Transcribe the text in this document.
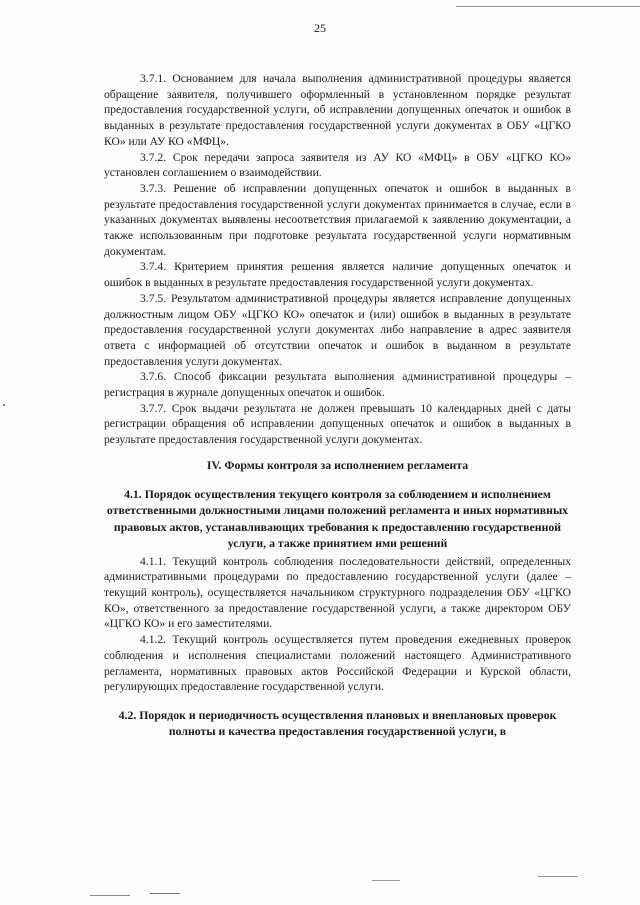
25

3.7.1. Основанием для начала выполнения административной процедуры является обращение заявителя, получившего оформленный в установленном порядке результат предоставления государственной услуги, об исправлении допущенных опечаток и ошибок в выданных в результате предоставления государственной услуги документах в ОБУ «ЦГКО КО» или АУ КО «МФЦ».

3.7.2. Срок передачи запроса заявителя из АУ КО «МФЦ» в ОБУ «ЦГКО КО» установлен соглашением о взаимодействии.

3.7.3. Решение об исправлении допущенных опечаток и ошибок в выданных в результате предоставления государственной услуги документах принимается в случае, если в указанных документах выявлены несоответствия прилагаемой к заявлению документации, а также использованным при подготовке результата государственной услуги нормативным документам.

3.7.4. Критерием принятия решения является наличие допущенных опечаток и ошибок в выданных в результате предоставления государственной услуги документах.

3.7.5. Результатом административной процедуры является исправление допущенных должностным лицом ОБУ «ЦГКО КО» опечаток и (или) ошибок в выданных в результате предоставления государственной услуги документах либо направление в адрес заявителя ответа с информацией об отсутствии опечаток и ошибок в выданном в результате предоставления услуги документах.

3.7.6. Способ фиксации результата выполнения административной процедуры – регистрация в журнале допущенных опечаток и ошибок.

3.7.7. Срок выдачи результата не должен превышать 10 календарных дней с даты регистрации обращения об исправлении допущенных опечаток и ошибок в выданных в результате предоставления государственной услуги документах.

IV. Формы контроля за исполнением регламента
4.1. Порядок осуществления текущего контроля за соблюдением и исполнением ответственными должностными лицами положений регламента и иных нормативных правовых актов, устанавливающих требования к предоставлению государственной услуги, а также принятием ими решений

4.1.1. Текущий контроль соблюдения последовательности действий, определенных административными процедурами по предоставлению государственной услуги (далее – текущий контроль), осуществляется начальником структурного подразделения ОБУ «ЦГКО КО», ответственного за предоставление государственной услуги, а также директором ОБУ «ЦГКО КО» и его заместителями.

4.1.2. Текущий контроль осуществляется путем проведения ежедневных проверок соблюдения и исполнения специалистами положений настоящего Административного регламента, нормативных правовых актов Российской Федерации и Курской области, регулирующих предоставление государственной услуги.

4.2. Порядок и периодичность осуществления плановых и внеплановых проверок полноты и качества предоставления государственной услуги, в
